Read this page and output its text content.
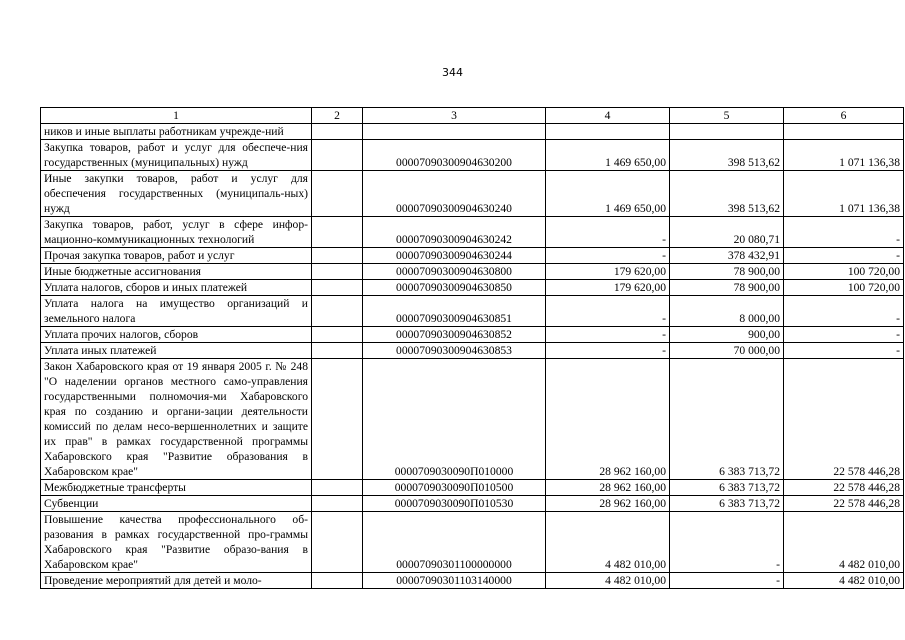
344
1	2	3	4	5	6
ников и иные выплаты работникам учрежде-ний					
Закупка товаров, работ и услуг для обеспече-ния государственных (муниципальных) нужд		00007090300904630200	1 469 650,00	398 513,62	1 071 136,38
Иные закупки товаров, работ и услуг для обеспечения государственных (муниципаль-ных) нужд		00007090300904630240	1 469 650,00	398 513,62	1 071 136,38
Закупка товаров, работ, услуг в сфере инфор-мационно-коммуникационных технологий		00007090300904630242	-	20 080,71	-
Прочая закупка товаров, работ и услуг		00007090300904630244	-	378 432,91	-
Иные бюджетные ассигнования		00007090300904630800	179 620,00	78 900,00	100 720,00
Уплата налогов, сборов и иных платежей		00007090300904630850	179 620,00	78 900,00	100 720,00
Уплата налога на имущество организаций и земельного налога		00007090300904630851	-	8 000,00	-
Уплата прочих налогов, сборов		00007090300904630852	-	900,00	-
Уплата иных платежей		00007090300904630853	-	70 000,00	-
Закон Хабаровского края от 19 января 2005 г. № 248 "О наделении органов местного само-управления государственными полномочия-ми Хабаровского края по созданию и органи-зации деятельности комиссий по делам несо-вершеннолетних и защите их прав" в рамках государственной программы Хабаровского края "Развитие образования в Хабаровском крае"		0000709030090П010000	28 962 160,00	6 383 713,72	22 578 446,28
Межбюджетные трансферты		0000709030090П010500	28 962 160,00	6 383 713,72	22 578 446,28
Субвенции		0000709030090П010530	28 962 160,00	6 383 713,72	22 578 446,28
Повышение качества профессионального об-разования в рамках государственной про-граммы Хабаровского края "Развитие образо-вания в Хабаровском крае"		00007090301100000000	4 482 010,00	-	4 482 010,00
Проведение мероприятий для детей и моло-		00007090301103140000	4 482 010,00	-	4 482 010,00
